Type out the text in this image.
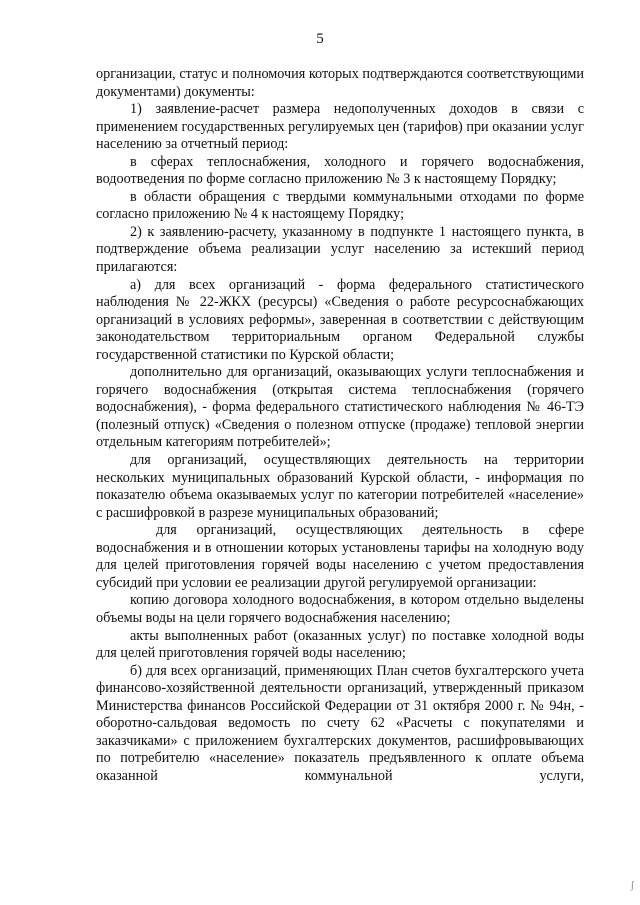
5

организации, статус и полномочия которых подтверждаются соответствующими документами) документы:

1) заявление-расчет размера недополученных доходов в связи с применением государственных регулируемых цен (тарифов) при оказании услуг населению за отчетный период:

в сферах теплоснабжения, холодного и горячего водоснабжения, водоотведения по форме согласно приложению № 3 к настоящему Порядку;

в области обращения с твердыми коммунальными отходами по форме согласно приложению № 4 к настоящему Порядку;

2) к заявлению-расчету, указанному в подпункте 1 настоящего пункта, в подтверждение объема реализации услуг населению за истекший период прилагаются:

а) для всех организаций - форма федерального статистического наблюдения № 22-ЖКХ (ресурсы) «Сведения о работе ресурсоснабжающих организаций в условиях реформы», заверенная в соответствии с действующим законодательством территориальным органом Федеральной службы государственной статистики по Курской области;

дополнительно для организаций, оказывающих услуги теплоснабжения и горячего водоснабжения (открытая система теплоснабжения (горячего водоснабжения), - форма федерального статистического наблюдения № 46-ТЭ (полезный отпуск) «Сведения о полезном отпуске (продаже) тепловой энергии отдельным категориям потребителей»;

для организаций, осуществляющих деятельность на территории нескольких муниципальных образований Курской области, - информация по показателю объема оказываемых услуг по категории потребителей «население» с расшифровкой в разрезе муниципальных образований;

для организаций, осуществляющих деятельность в сфере водоснабжения и в отношении которых установлены тарифы на холодную воду для целей приготовления горячей воды населению с учетом предоставления субсидий при условии ее реализации другой регулируемой организации:

копию договора холодного водоснабжения, в котором отдельно выделены объемы воды на цели горячего водоснабжения населению;

акты выполненных работ (оказанных услуг) по поставке холодной воды для целей приготовления горячей воды населению;

б) для всех организаций, применяющих План счетов бухгалтерского учета финансово-хозяйственной деятельности организаций, утвержденный приказом Министерства финансов Российской Федерации от 31 октября 2000 г. № 94н, - оборотно-сальдовая ведомость по счету 62 «Расчеты с покупателями и заказчиками» с приложением бухгалтерских документов, расшифровывающих по потребителю «население» показатель предъявленного к оплате объема оказанной коммунальной услуги,

ʃ
